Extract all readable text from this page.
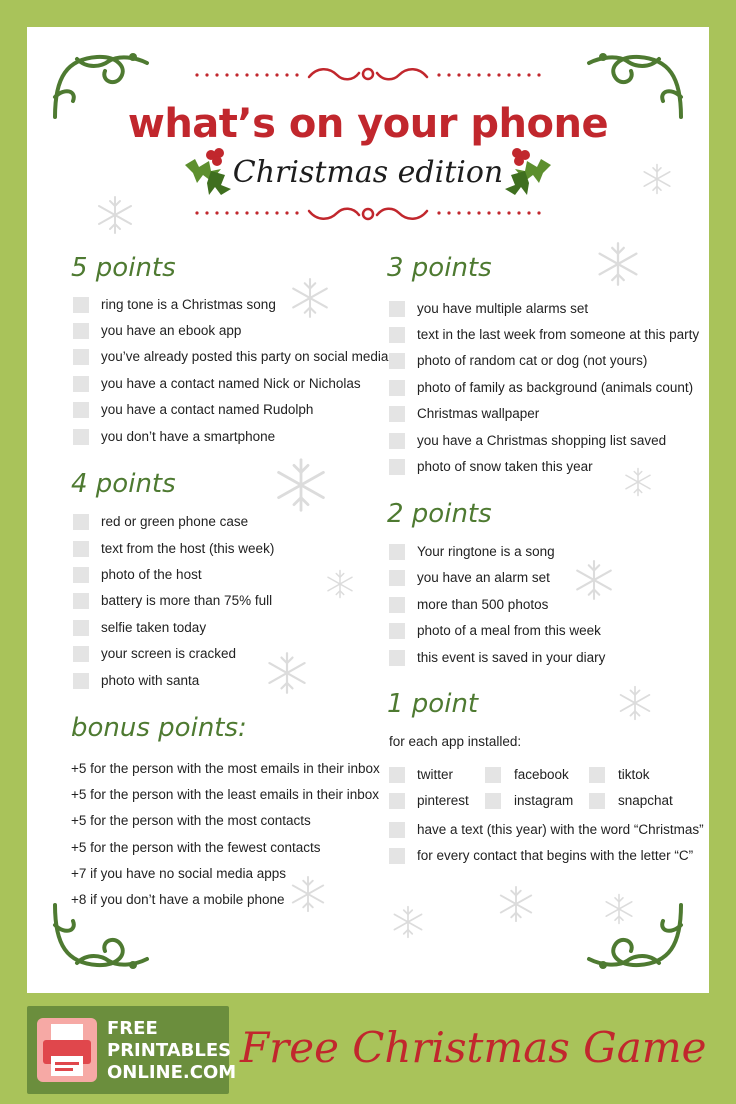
what’s on your phone
Christmas edition
5 points
ring tone is a Christmas song
you have an ebook app
you’ve already posted this party on social media
you have a contact named Nick or Nicholas
you have a contact named Rudolph
you don’t have a smartphone
4 points
red or green phone case
text from the host (this week)
photo of the host
battery is more than 75% full
selfie taken today
your screen is cracked
photo with santa
bonus points:
+5 for the person with the most emails in their inbox
+5 for the person with the least emails in their inbox
+5 for the person with the most contacts
+5 for the person with the fewest contacts
+7 if you have no social media apps
+8 if you don’t have a mobile phone
3 points
you have multiple alarms set
text in the last week from someone at this party
photo of random cat or dog (not yours)
photo of family as background (animals count)
Christmas wallpaper
you have a Christmas shopping list saved
photo of snow taken this year
2 points
Your ringtone is a song
you have an alarm set
more than 500 photos
photo of a meal from this week
this event is saved in your diary
1 point
for each app installed:
twitter	facebook	tiktok
pinterest	instagram	snapchat
have a text (this year) with the word “Christmas”
for every contact that begins with the letter “C”
FREE
PRINTABLES
ONLINE.COM
Free Christmas Game
